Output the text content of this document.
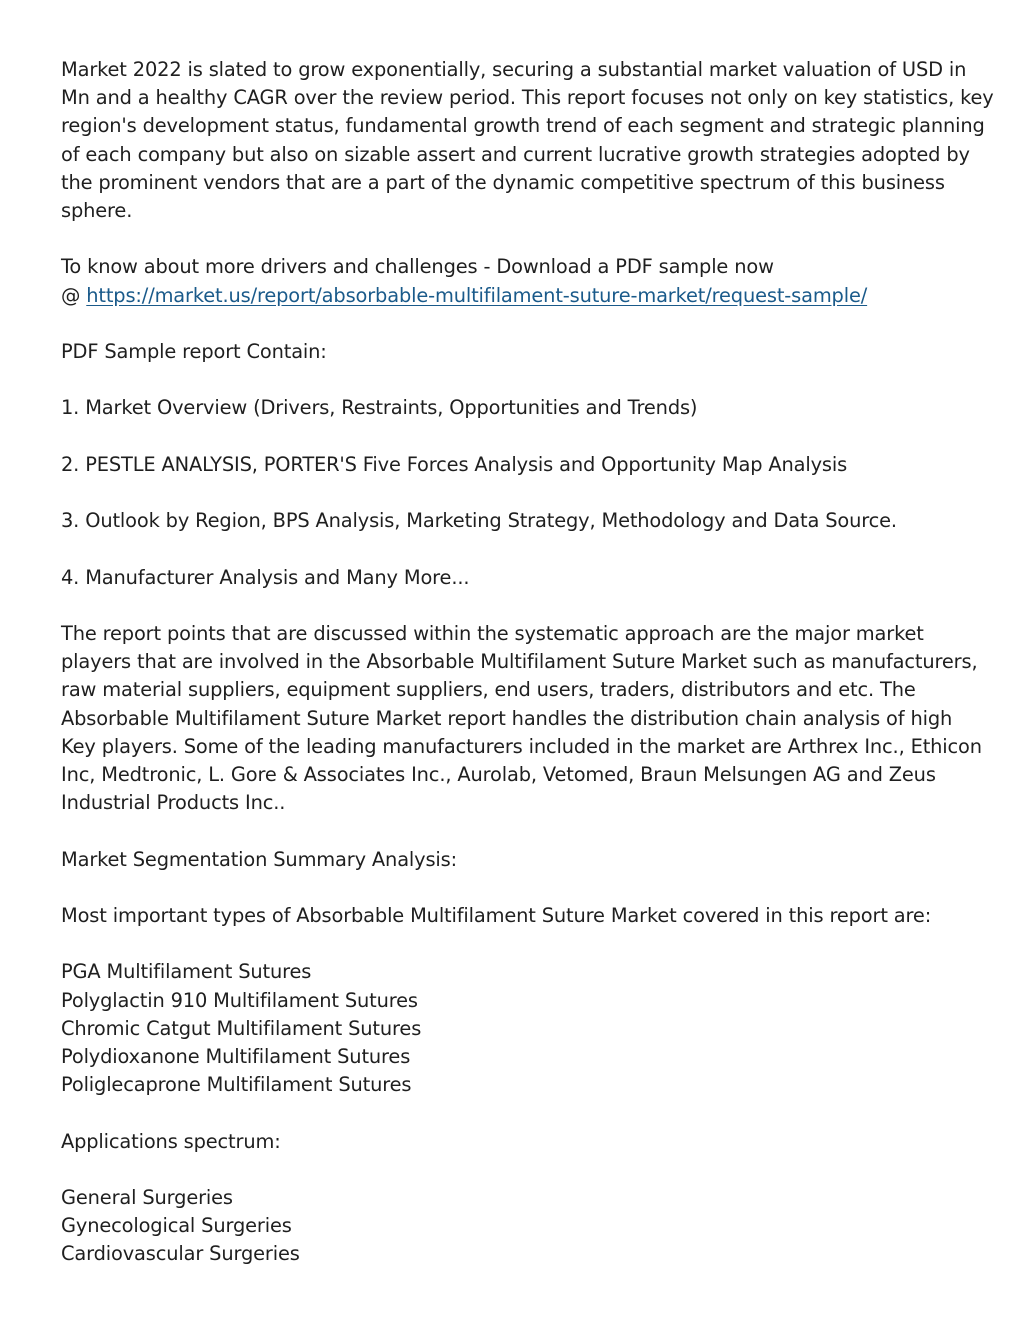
Market 2022 is slated to grow exponentially, securing a substantial market valuation of USD in
Mn and a healthy CAGR over the review period. This report focuses not only on key statistics, key
region's development status, fundamental growth trend of each segment and strategic planning
of each company but also on sizable assert and current lucrative growth strategies adopted by
the prominent vendors that are a part of the dynamic competitive spectrum of this business
sphere.

To know about more drivers and challenges - Download a PDF sample now
@ https://market.us/report/absorbable-multifilament-suture-market/request-sample/

PDF Sample report Contain:

1. Market Overview (Drivers, Restraints, Opportunities and Trends)

2. PESTLE ANALYSIS, PORTER'S Five Forces Analysis and Opportunity Map Analysis

3. Outlook by Region, BPS Analysis, Marketing Strategy, Methodology and Data Source.

4. Manufacturer Analysis and Many More...

The report points that are discussed within the systematic approach are the major market
players that are involved in the Absorbable Multifilament Suture Market such as manufacturers,
raw material suppliers, equipment suppliers, end users, traders, distributors and etc. The
Absorbable Multifilament Suture Market report handles the distribution chain analysis of high
Key players. Some of the leading manufacturers included in the market are Arthrex Inc., Ethicon
Inc, Medtronic, L. Gore & Associates Inc., Aurolab, Vetomed, Braun Melsungen AG and Zeus
Industrial Products Inc..

Market Segmentation Summary Analysis:

Most important types of Absorbable Multifilament Suture Market covered in this report are:

PGA Multifilament Sutures
Polyglactin 910 Multifilament Sutures
Chromic Catgut Multifilament Sutures
Polydioxanone Multifilament Sutures
Poliglecaprone Multifilament Sutures

Applications spectrum:

General Surgeries
Gynecological Surgeries
Cardiovascular Surgeries
